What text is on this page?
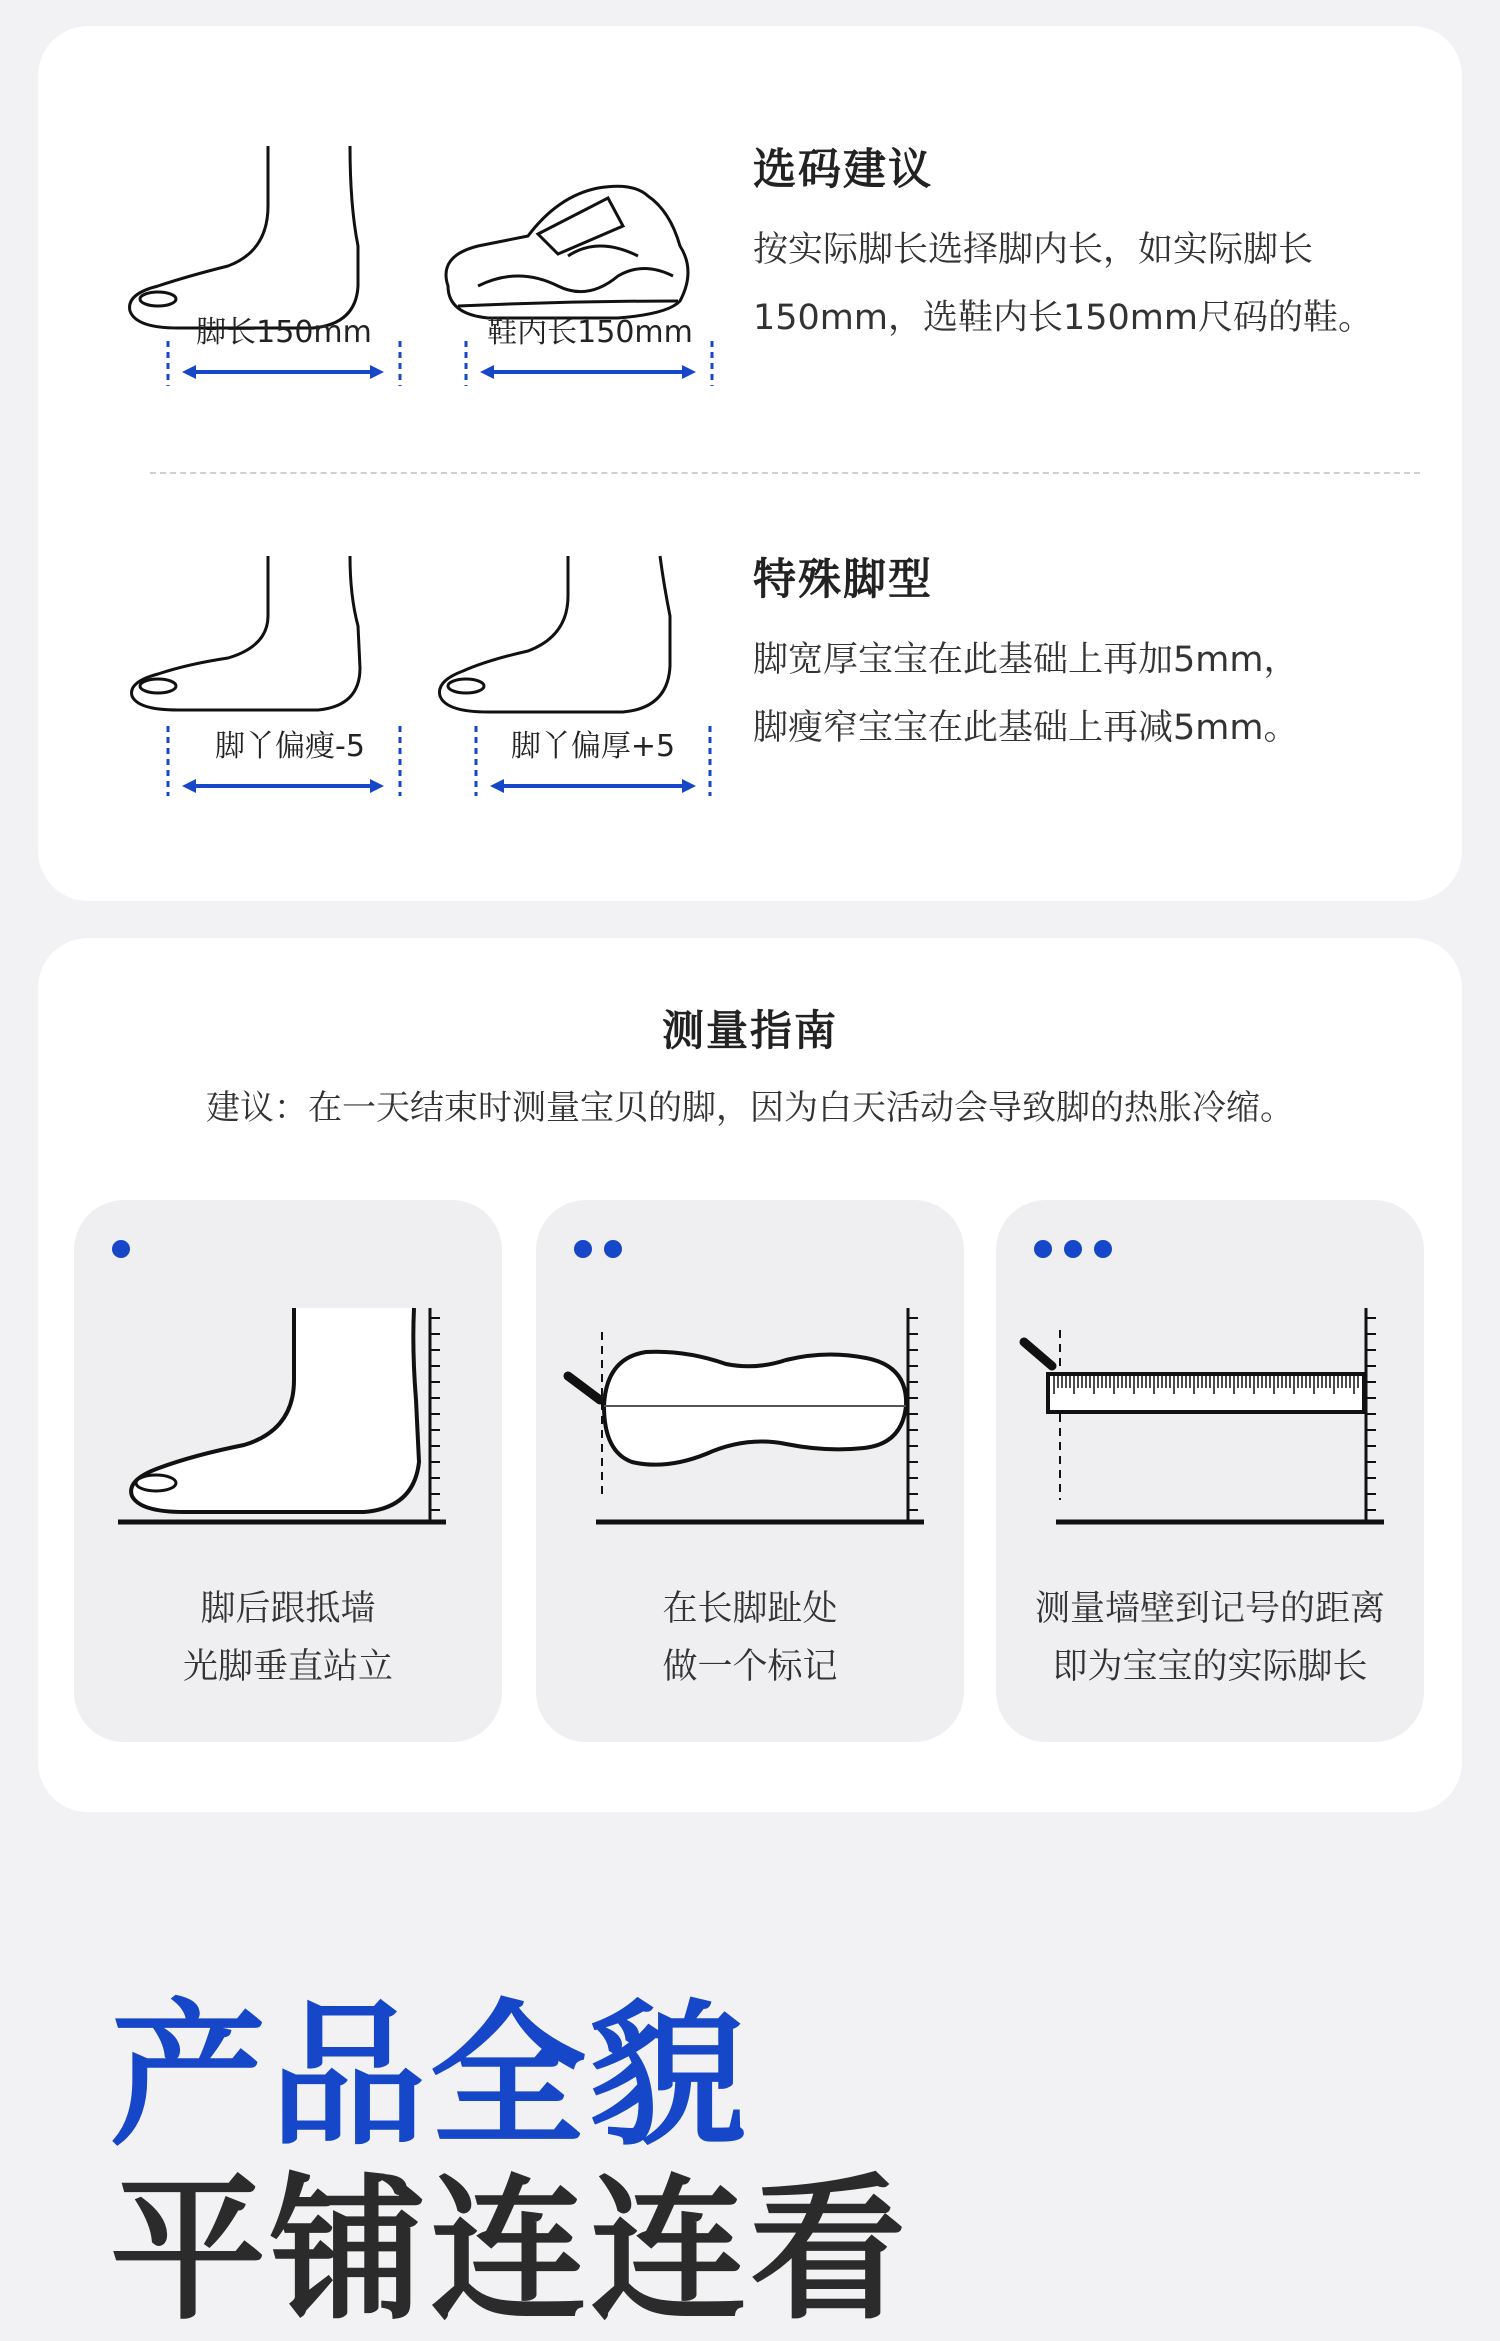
脚长150mm	鞋内长150mm
选码建议
按实际脚长选择脚内长，如实际脚长
150mm，选鞋内长150mm尺码的鞋。
脚丫偏瘦-5	脚丫偏厚+5
特殊脚型
脚宽厚宝宝在此基础上再加5mm，
脚瘦窄宝宝在此基础上再减5mm。
测量指南
建议：在一天结束时测量宝贝的脚，因为白天活动会导致脚的热胀冷缩。
脚后跟抵墙
光脚垂直站立
在长脚趾处
做一个标记
测量墙壁到记号的距离
即为宝宝的实际脚长
产品全貌
平铺连连看
